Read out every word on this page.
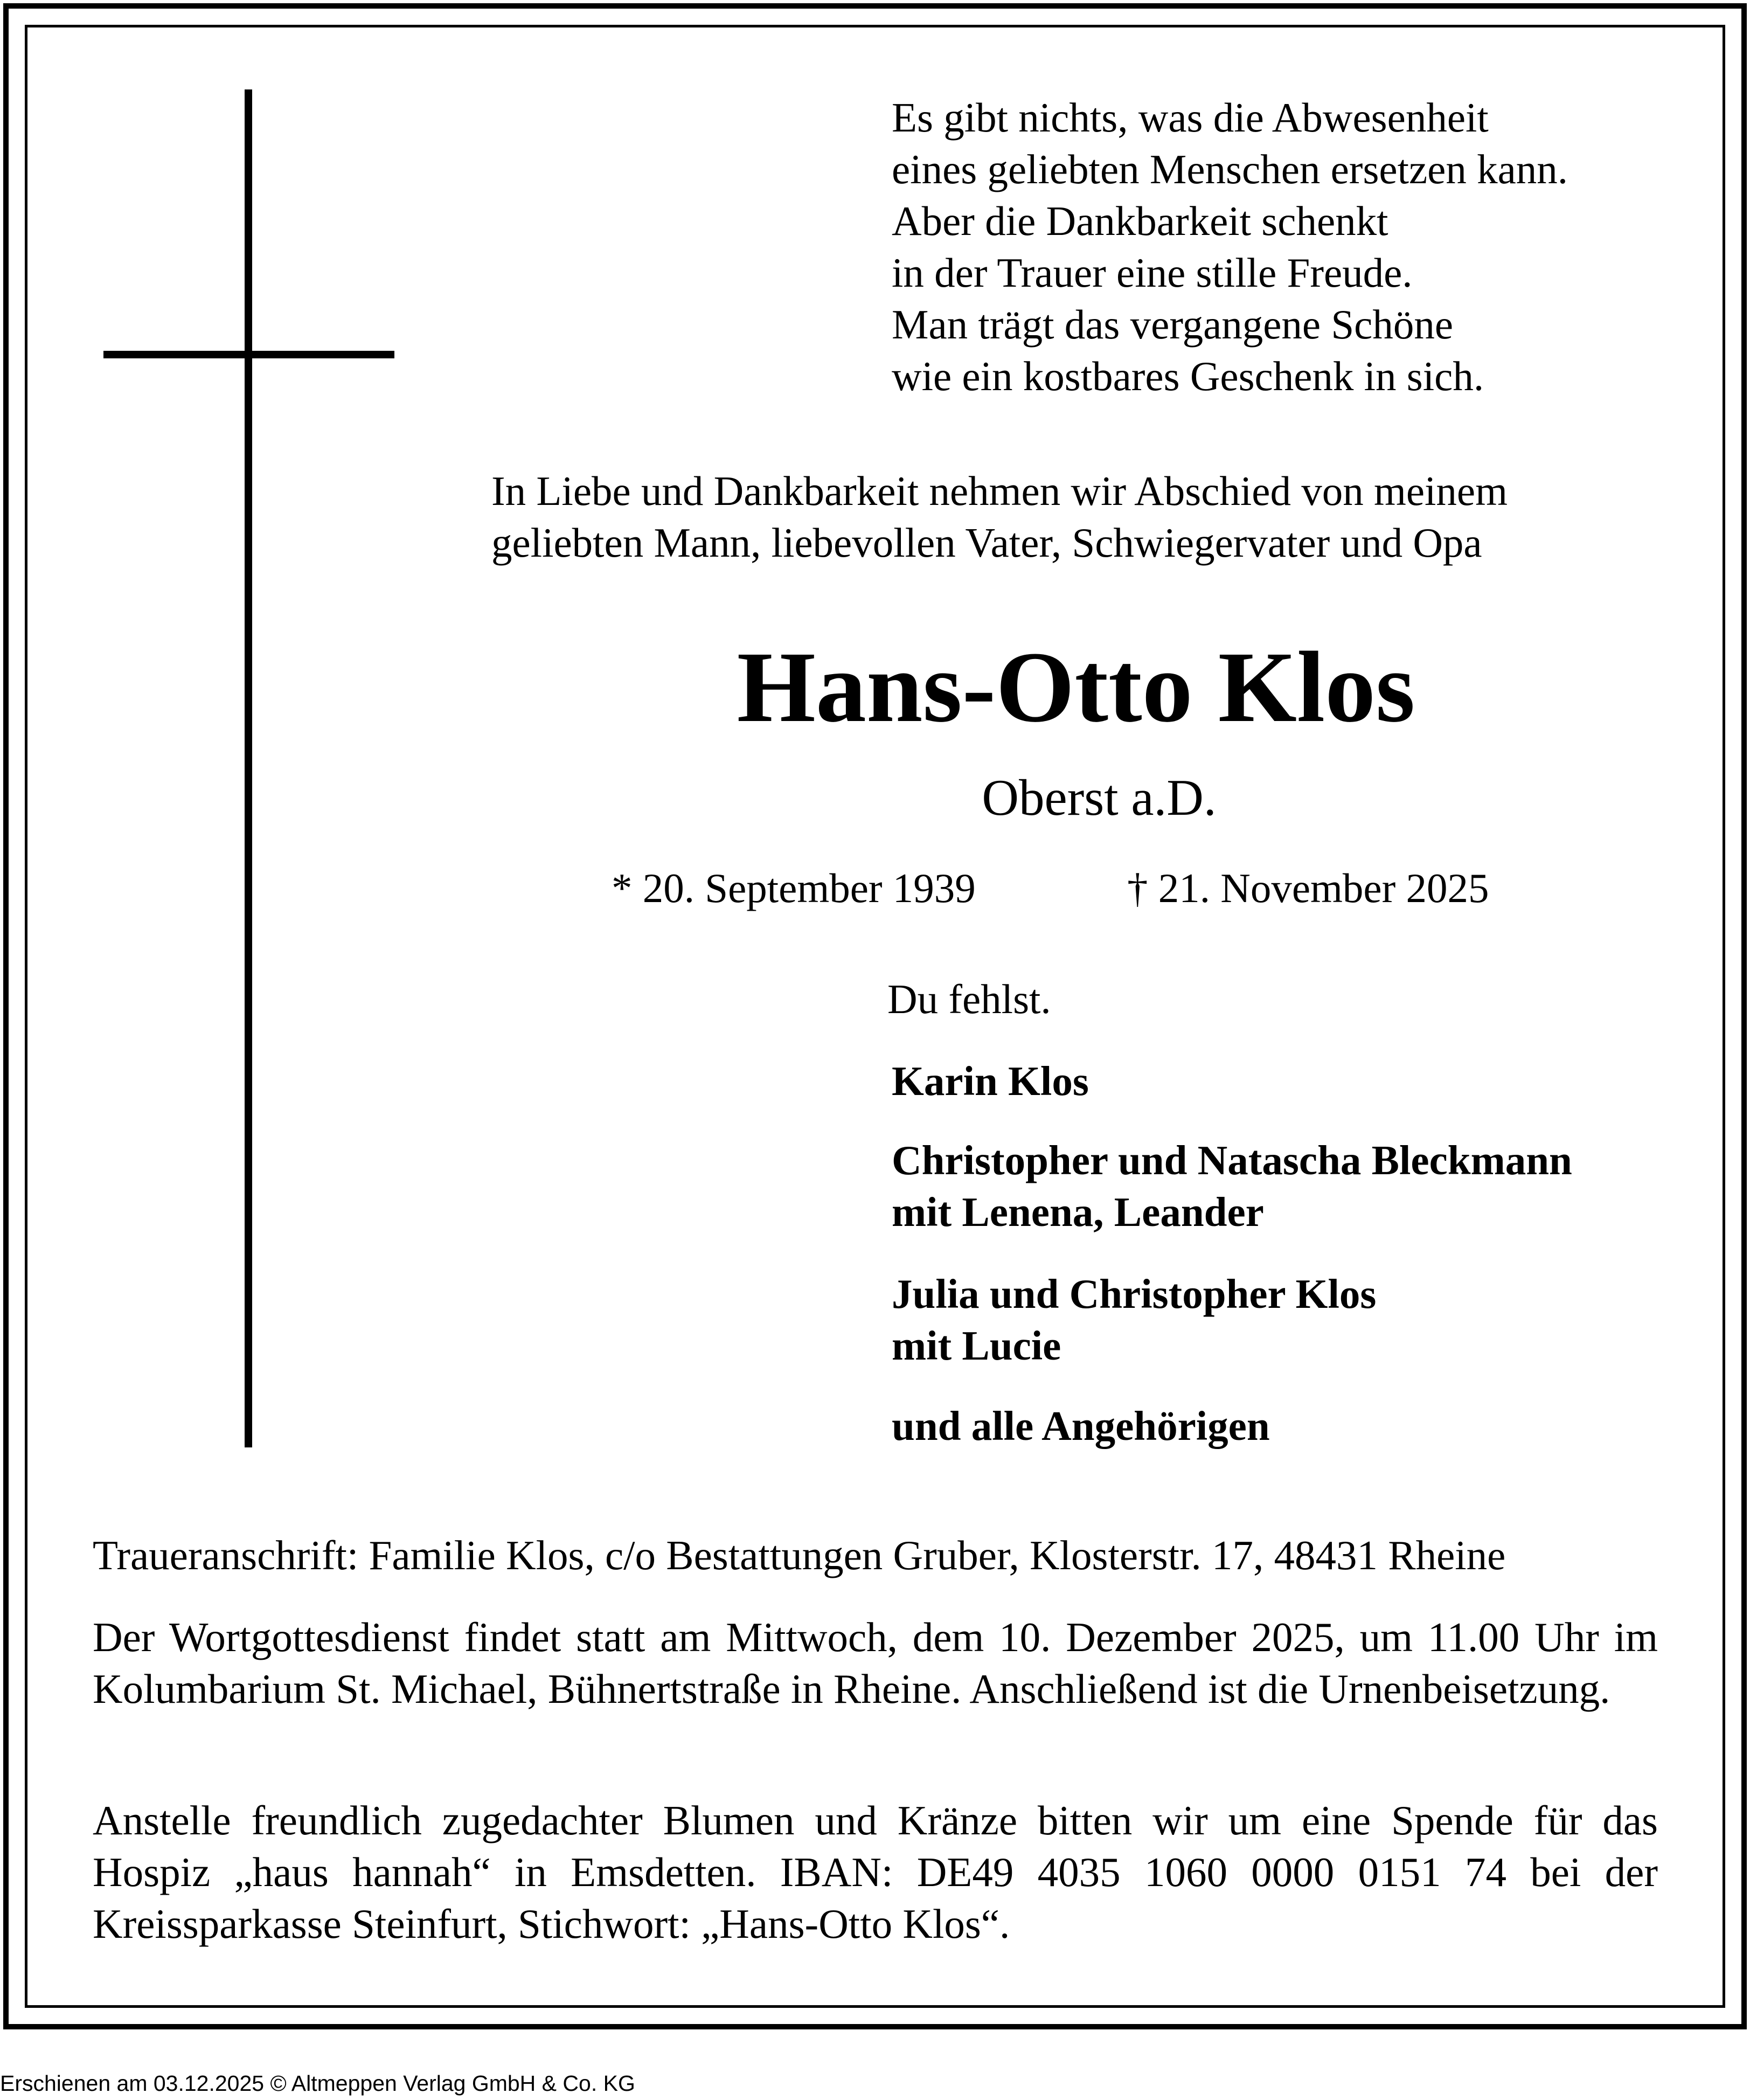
Es gibt nichts, was die Abwesenheit
eines geliebten Menschen ersetzen kann.
Aber die Dankbarkeit schenkt
in der Trauer eine stille Freude.
Man trägt das vergangene Schöne
wie ein kostbares Geschenk in sich.
In Liebe und Dankbarkeit nehmen wir Abschied von meinem
geliebten Mann, liebevollen Vater, Schwiegervater und Opa
Hans-Otto Klos
Oberst a.D.
* 20. September 1939	† 21. November 2025
Du fehlst.
Karin Klos
Christopher und Natascha Bleckmann
mit Lenena, Leander
Julia und Christopher Klos
mit Lucie
und alle Angehörigen
Traueranschrift: Familie Klos, c/o Bestattungen Gruber, Klosterstr. 17, 48431 Rheine
Der Wortgottesdienst findet statt am Mittwoch, dem 10. Dezember 2025, um 11.00 Uhr im Kolumbarium St. Michael, Bühnertstraße in Rheine. Anschließend ist die Urnenbeisetzung.
Anstelle freundlich zugedachter Blumen und Kränze bitten wir um eine Spende für das Hospiz „haus hannah“ in Emsdetten. IBAN: DE49 4035 1060 0000 0151 74 bei der Kreissparkasse Steinfurt, Stichwort: „Hans-Otto Klos“.
Erschienen am 03.12.2025 © Altmeppen Verlag GmbH & Co. KG
